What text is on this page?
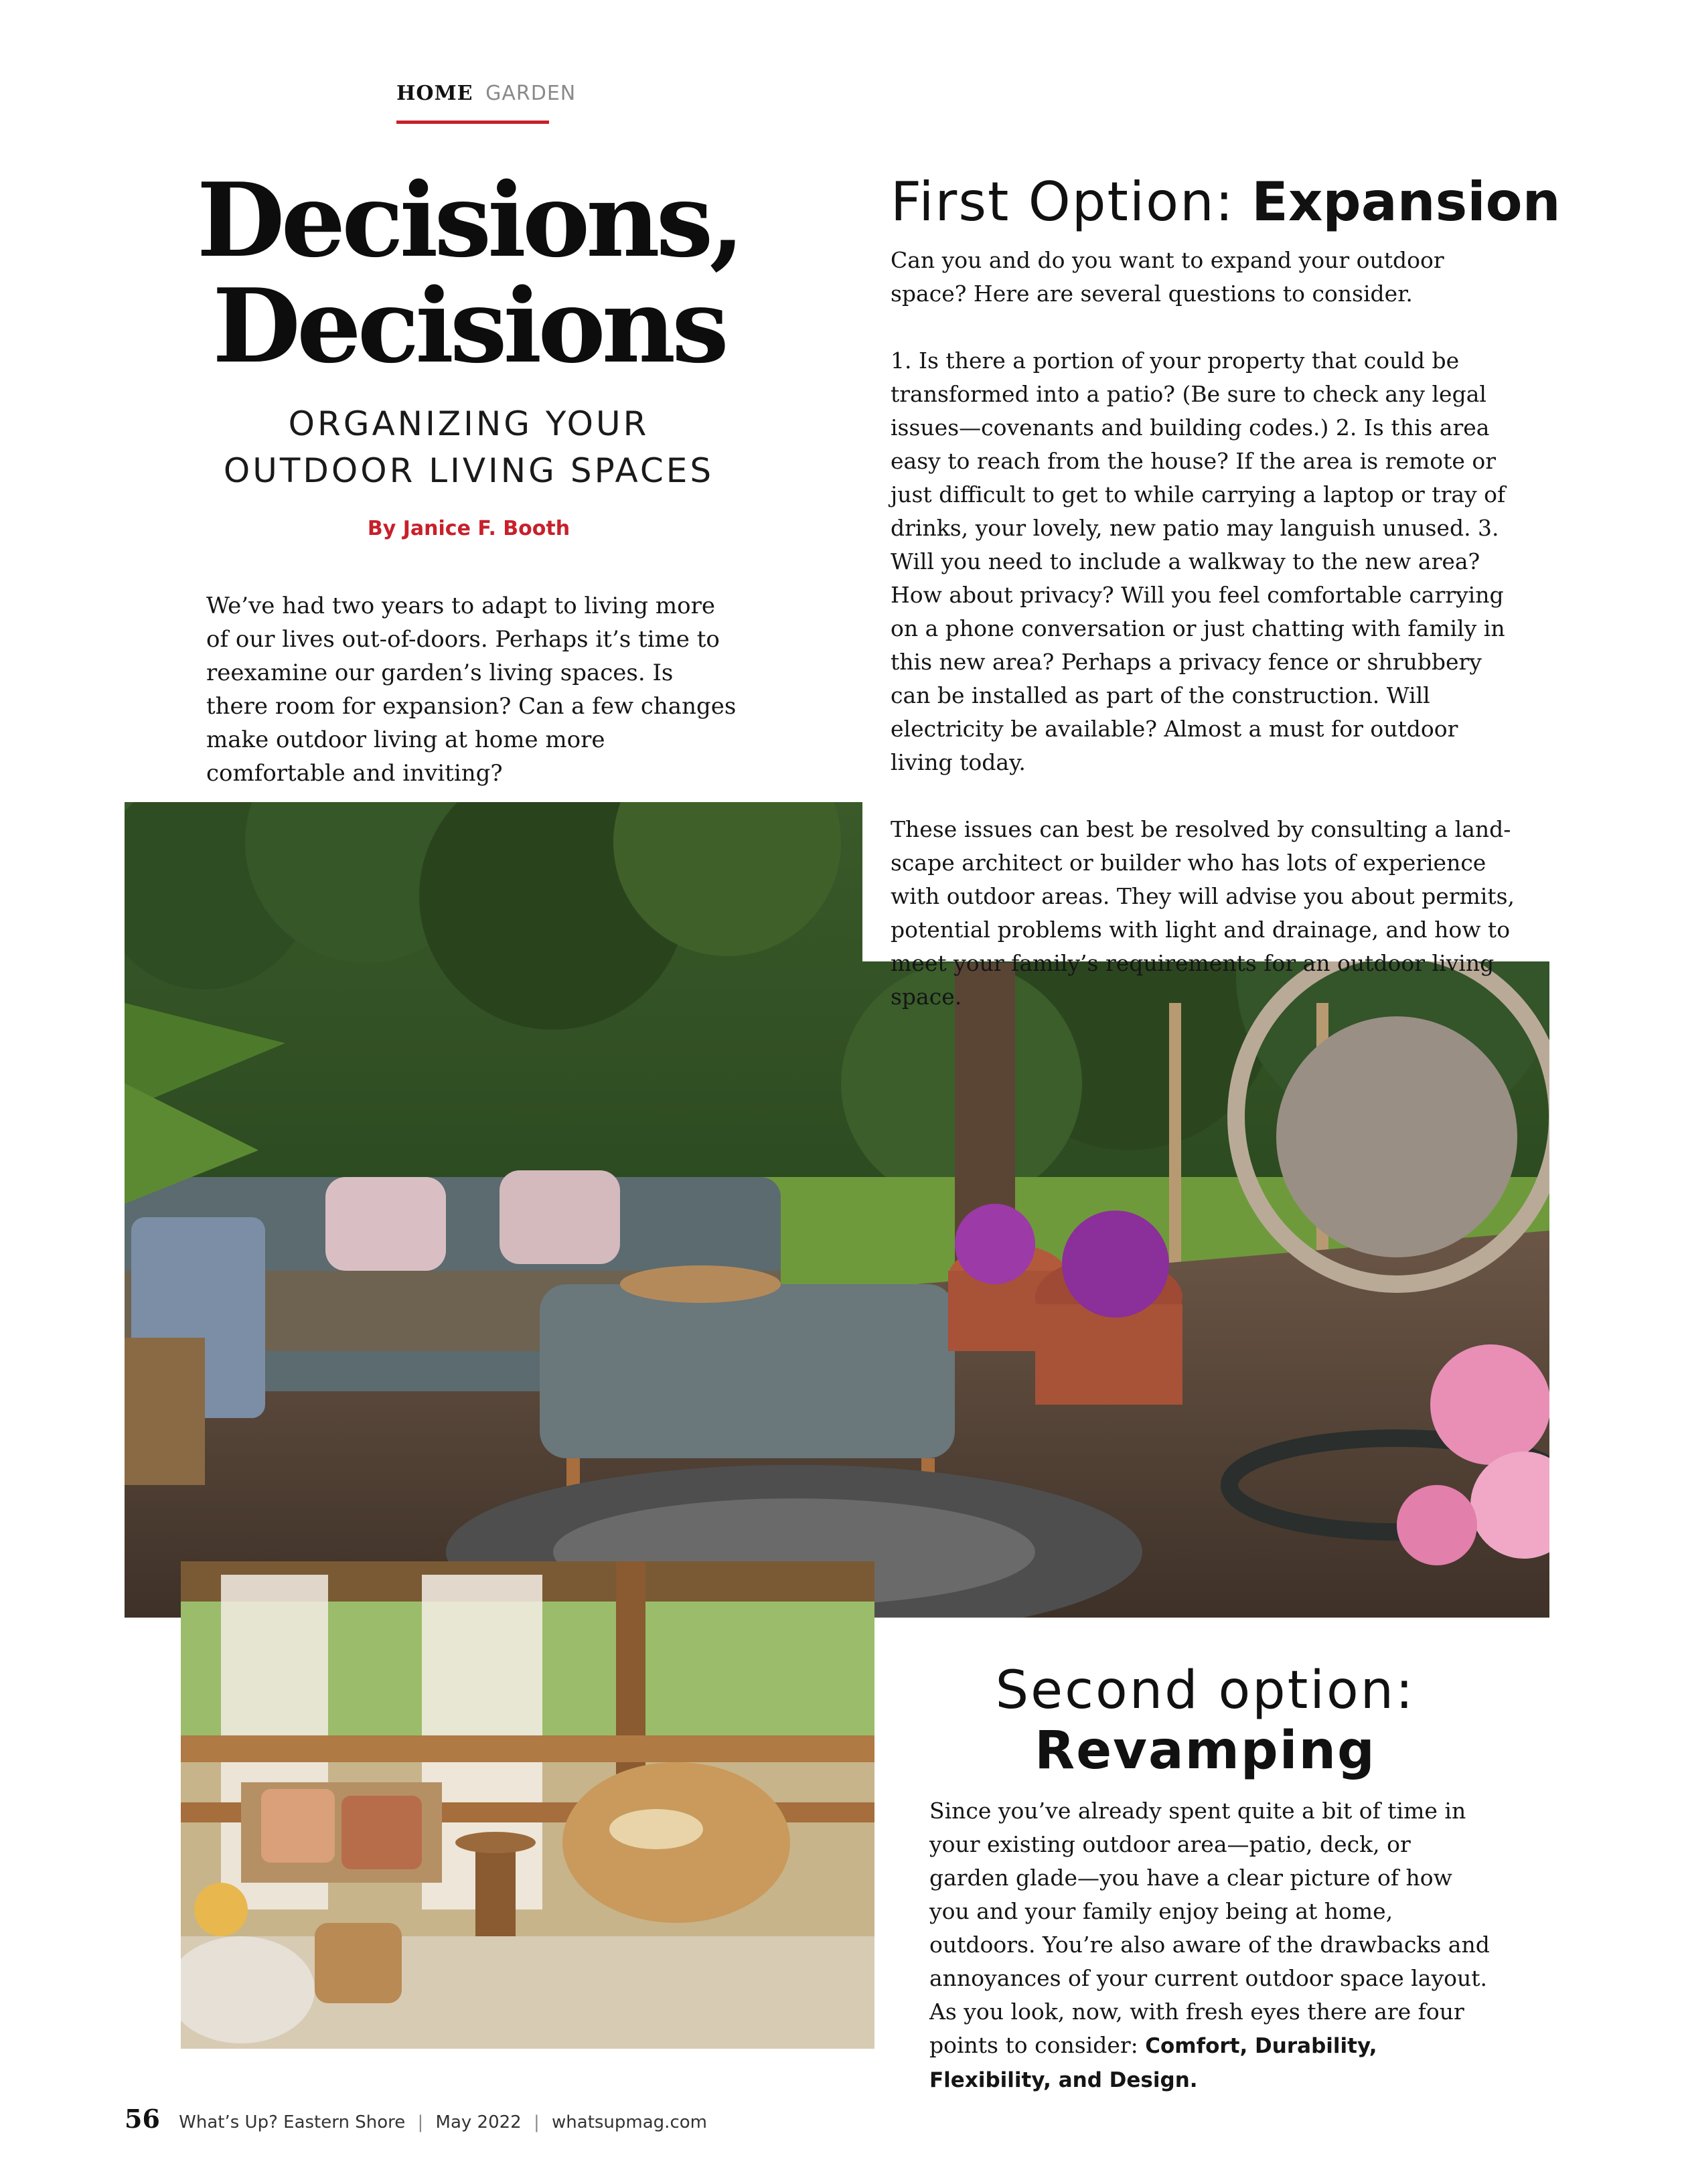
HOME GARDEN
Decisions,
Decisions
ORGANIZING YOUR
OUTDOOR LIVING SPACES
By Janice F. Booth
We’ve had two years to adapt to living more of our lives out-of-doors. Perhaps it’s time to reexamine our garden’s living spaces. Is there room for expansion? Can a few changes make outdoor living at home more comfortable and inviting?
First Option: Expansion

Can you and do you want to expand your outdoor space? Here are several questions to consider.

1. Is there a portion of your property that could be transformed into a patio? (Be sure to check any legal issues—covenants and building codes.) 2. Is this area easy to reach from the house? If the area is remote or just difficult to get to while carrying a laptop or tray of drinks, your lovely, new patio may languish unused. 3. Will you need to include a walkway to the new area? How about privacy? Will you feel comfortable carrying on a phone conversation or just chatting with family in this new area? Perhaps a privacy fence or shrubbery can be installed as part of the construction. Will electricity be available? Almost a must for outdoor living today.

These issues can best be resolved by consulting a landscape architect or builder who has lots of experience with outdoor areas. They will advise you about permits, potential problems with light and drainage, and how to meet your family’s requirements for an outdoor living space.

Second option:
Revamping
Since you’ve already spent quite a bit of time in your existing outdoor area—patio, deck, or garden glade—you have a clear picture of how you and your family enjoy being at home, outdoors. You’re also aware of the drawbacks and annoyances of your current outdoor space layout. As you look, now, with fresh eyes there are four points to consider: Comfort, Durability, Flexibility, and Design.
56 What’s Up? Eastern Shore | May 2022 | whatsupmag.com
